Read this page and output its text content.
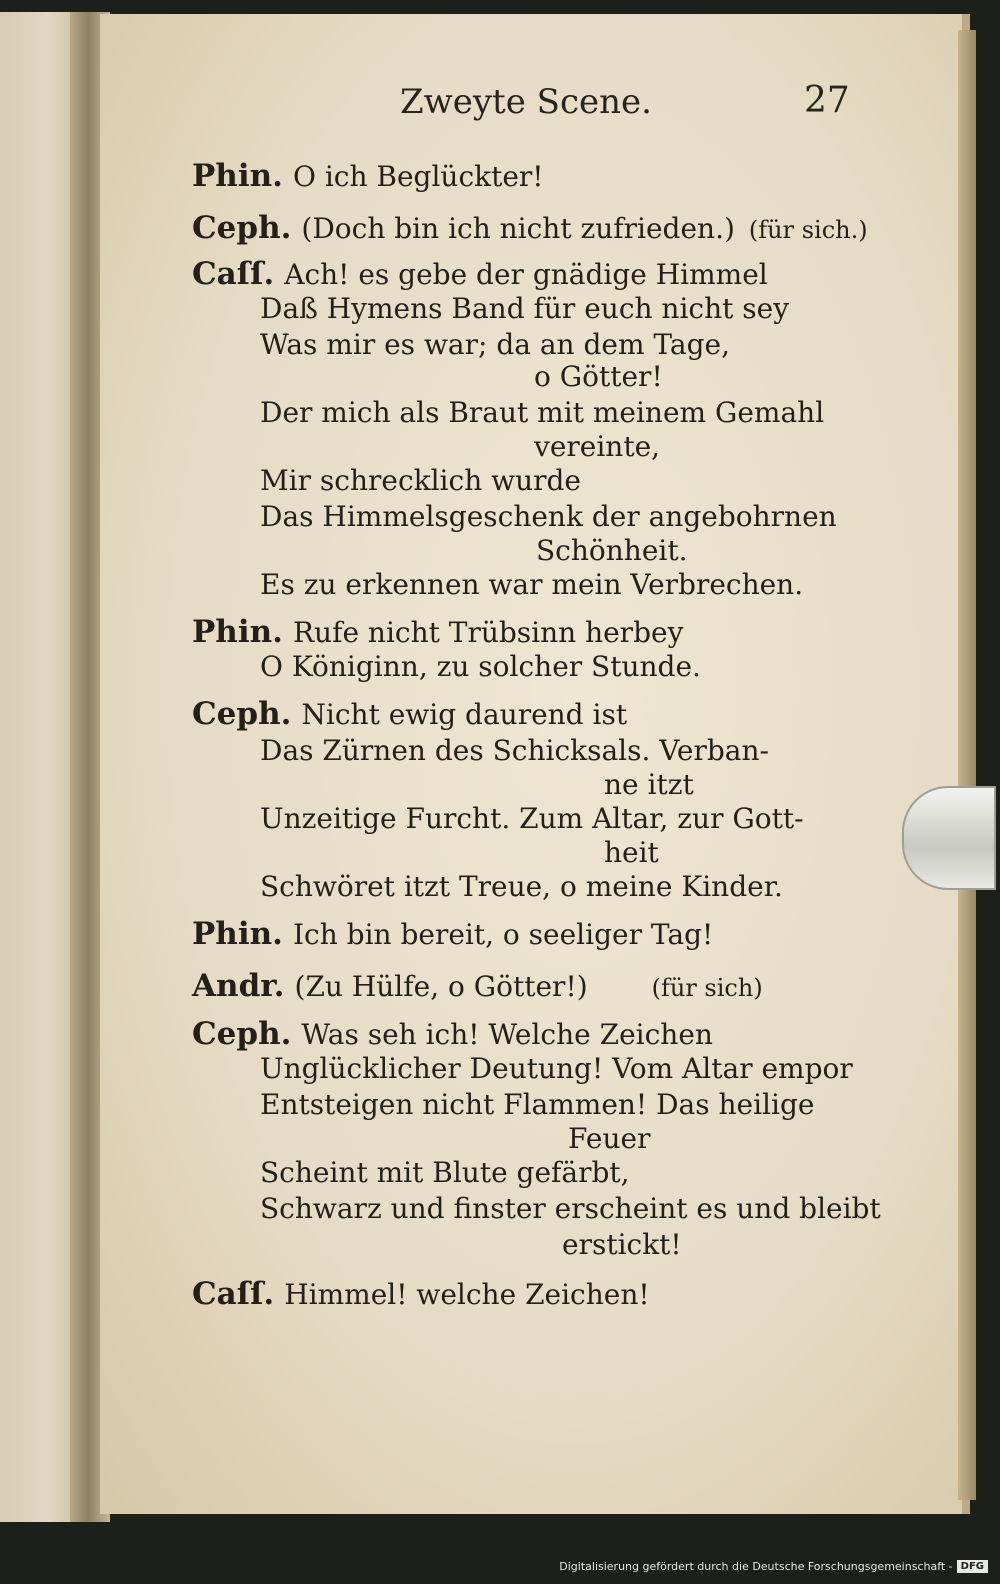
Zweyte Scene.	27
Phin. O ich Beglückter!
Ceph. (Doch bin ich nicht zufrieden.) (für sich.)
Caſſ. Ach! es gebe der gnädige Himmel
Daß Hymens Band für euch nicht sey
Was mir es war; da an dem Tage,
o Götter!
Der mich als Braut mit meinem Gemahl
vereinte,
Mir schrecklich wurde
Das Himmelsgeschenk der angebohrnen
Schönheit.
Es zu erkennen war mein Verbrechen.
Phin. Rufe nicht Trübsinn herbey
O Königinn, zu solcher Stunde.
Ceph. Nicht ewig daurend ist
Das Zürnen des Schicksals. Verban-
ne itzt
Unzeitige Furcht. Zum Altar, zur Gott-
heit
Schwöret itzt Treue, o meine Kinder.
Phin. Ich bin bereit, o seeliger Tag!
Andr. (Zu Hülfe, o Götter!)	(für sich)
Ceph. Was seh ich! Welche Zeichen
Unglücklicher Deutung! Vom Altar empor
Entsteigen nicht Flammen! Das heilige
Feuer
Scheint mit Blute gefärbt,
Schwarz und finster erscheint es und bleibt
erstickt!
Caſſ. Himmel! welche Zeichen!
Digitalisierung gefördert durch die Deutsche Forschungsgemeinschaft - DFG
